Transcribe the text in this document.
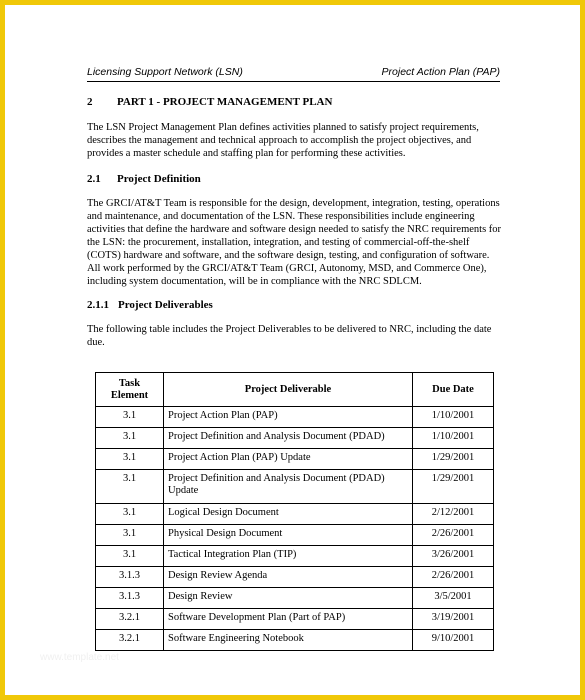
Licensing Support Network (LSN)	Project Action Plan (PAP)
2 PART 1 - PROJECT MANAGEMENT PLAN
The LSN Project Management Plan defines activities planned to satisfy project requirements, describes the management and technical approach to accomplish the project objectives, and provides a master schedule and staffing plan for performing these activities.
2.1 Project Definition
The GRCI/AT&T Team is responsible for the design, development, integration, testing, operations and maintenance, and documentation of the LSN. These responsibilities include engineering activities that define the hardware and software design needed to satisfy the NRC requirements for the LSN: the procurement, installation, integration, and testing of commercial-off-the-shelf (COTS) hardware and software, and the software design, testing, and configuration of software. All work performed by the GRCI/AT&T Team (GRCI, Autonomy, MSD, and Commerce One), including system documentation, will be in compliance with the NRC SDLCM.
2.1.1 Project Deliverables
The following table includes the Project Deliverables to be delivered to NRC, including the date due.
Task Element	Project Deliverable	Due Date
3.1	Project Action Plan (PAP)	1/10/2001
3.1	Project Definition and Analysis Document (PDAD)	1/10/2001
3.1	Project Action Plan (PAP) Update	1/29/2001
3.1	Project Definition and Analysis Document (PDAD) Update	1/29/2001
3.1	Logical Design Document	2/12/2001
3.1	Physical Design Document	2/26/2001
3.1	Tactical Integration Plan (TIP)	3/26/2001
3.1.3	Design Review Agenda	2/26/2001
3.1.3	Design Review	3/5/2001
3.2.1	Software Development Plan (Part of PAP)	3/19/2001
3.2.1	Software Engineering Notebook	9/10/2001
www.template.net
